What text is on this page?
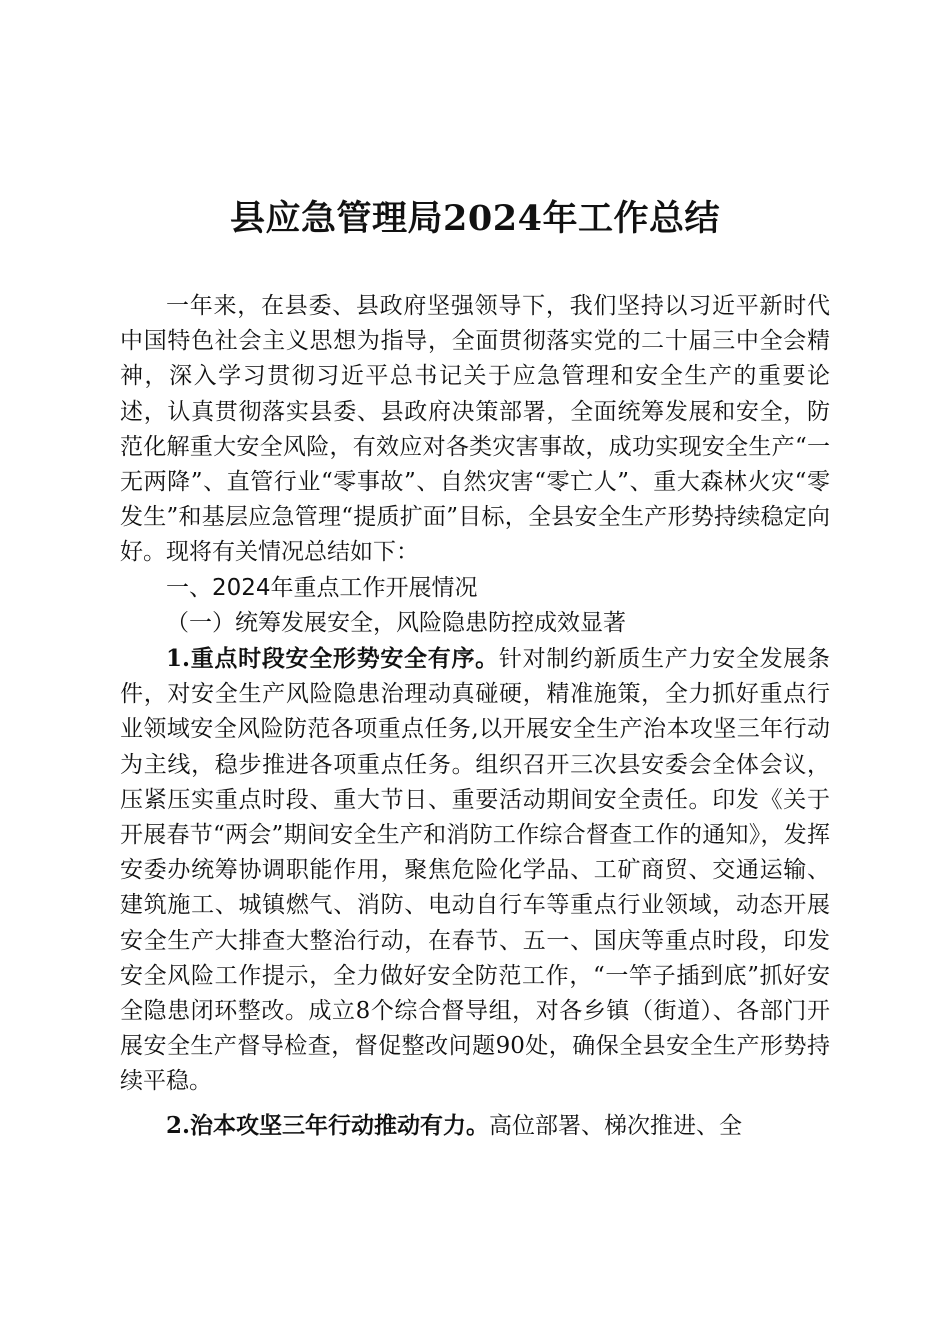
县应急管理局2024年工作总结

一年来，在县委、县政府坚强领导下，我们坚持以习近平新时代中国特色社会主义思想为指导，全面贯彻落实党的二十届三中全会精神，深入学习贯彻习近平总书记关于应急管理和安全生产的重要论述，认真贯彻落实县委、县政府决策部署，全面统筹发展和安全，防范化解重大安全风险，有效应对各类灾害事故，成功实现安全生产“一无两降”、直管行业“零事故”、自然灾害“零亡人”、重大森林火灾“零发生”和基层应急管理“提质扩面”目标，全县安全生产形势持续稳定向好。现将有关情况总结如下：

一、2024年重点工作开展情况

（一）统筹发展安全，风险隐患防控成效显著

1.重点时段安全形势安全有序。针对制约新质生产力安全发展条件，对安全生产风险隐患治理动真碰硬，精准施策，全力抓好重点行业领域安全风险防范各项重点任务,以开展安全生产治本攻坚三年行动为主线，稳步推进各项重点任务。组织召开三次县安委会全体会议，压紧压实重点时段、重大节日、重要活动期间安全责任。印发《关于开展春节“两会”期间安全生产和消防工作综合督查工作的通知》，发挥安委办统筹协调职能作用，聚焦危险化学品、工矿商贸、交通运输、建筑施工、城镇燃气、消防、电动自行车等重点行业领域，动态开展安全生产大排查大整治行动，在春节、五一、国庆等重点时段，印发安全风险工作提示，全力做好安全防范工作，“一竿子插到底”抓好安全隐患闭环整改。成立8个综合督导组，对各乡镇（街道）、各部门开展安全生产督导检查，督促整改问题90处，确保全县安全生产形势持续平稳。

2.治本攻坚三年行动推动有力。高位部署、梯次推进、全
